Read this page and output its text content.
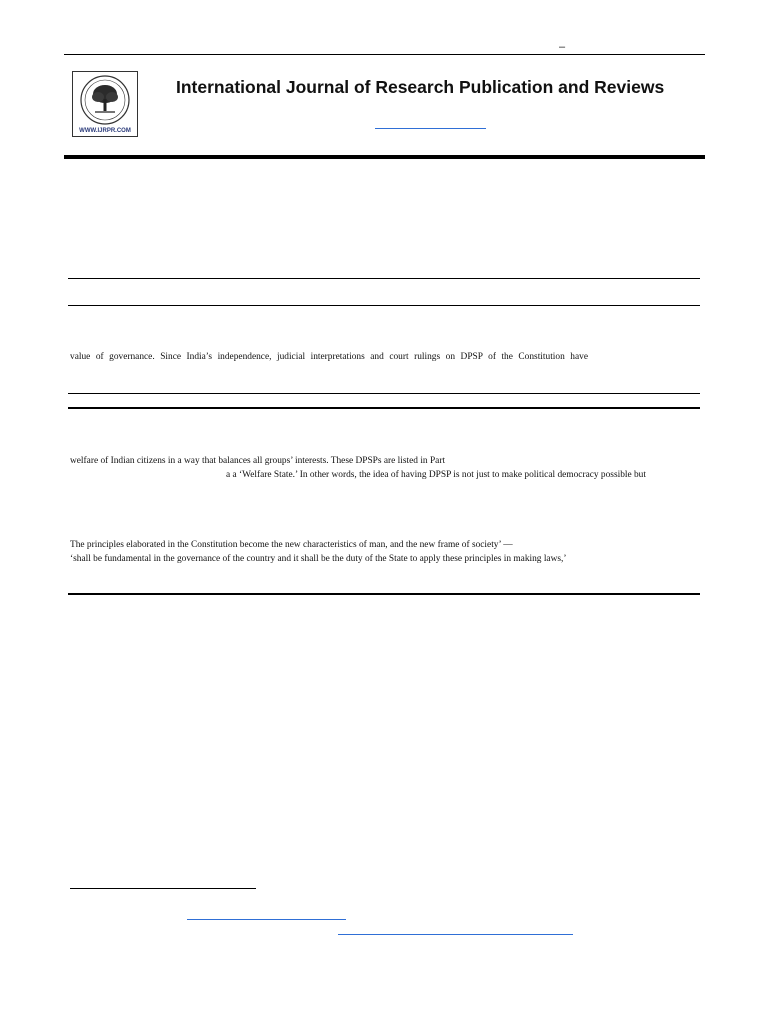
–
WWW.IJRPR.COM
International Journal of Research Publication and Reviews
value of governance. Since India’s independence, judicial interpretations and court rulings on DPSP of the Constitution have
welfare of Indian citizens in a way that balances all groups’ interests. These DPSPs are listed in Part
a a ‘Welfare State.’ In other words, the idea of having DPSP is not just to make political democracy possible but
The principles elaborated in the Constitution become the new characteristics of man, and the new frame of society’ —
‘shall be fundamental in the governance of the country and it shall be the duty of the State to apply these principles in making laws,’
